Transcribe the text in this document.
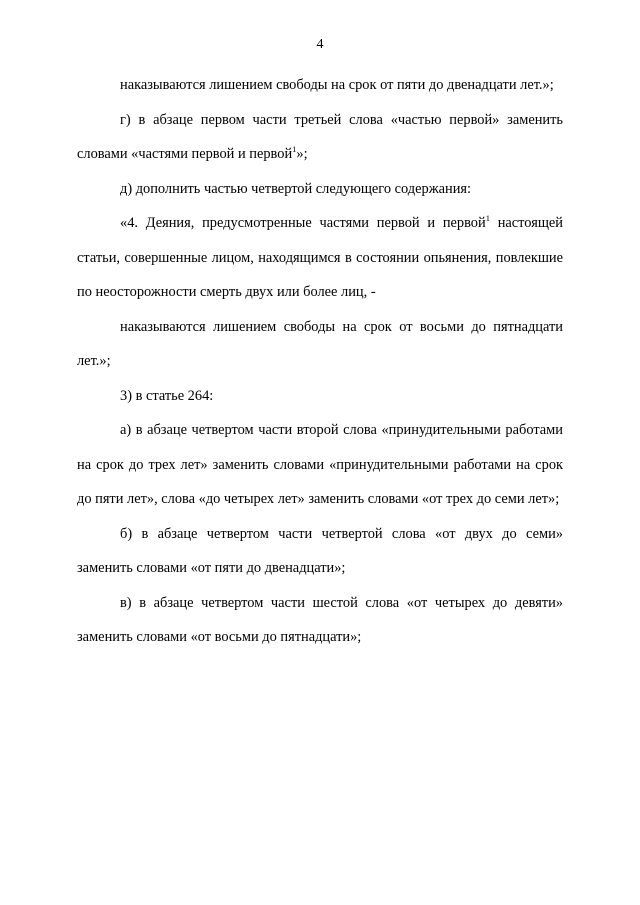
4

наказываются лишением свободы на срок от пяти до двенадцати лет.»;

г) в абзаце первом части третьей слова «частью первой» заменить словами «частями первой и первой$^1$»;

д) дополнить частью четвертой следующего содержания:

«4. Деяния, предусмотренные частями первой и первой$^1$ настоящей статьи, совершенные лицом, находящимся в состоянии опьянения, повлекшие по неосторожности смерть двух или более лиц, -

наказываются лишением свободы на срок от восьми до пятнадцати лет.»;

3) в статье 264:

а) в абзаце четвертом части второй слова «принудительными работами на срок до трех лет» заменить словами «принудительными работами на срок до пяти лет», слова «до четырех лет» заменить словами «от трех до семи лет»;

б) в абзаце четвертом части четвертой слова «от двух до семи» заменить словами «от пяти до двенадцати»;

в) в абзаце четвертом части шестой слова «от четырех до девяти» заменить словами «от восьми до пятнадцати»;
